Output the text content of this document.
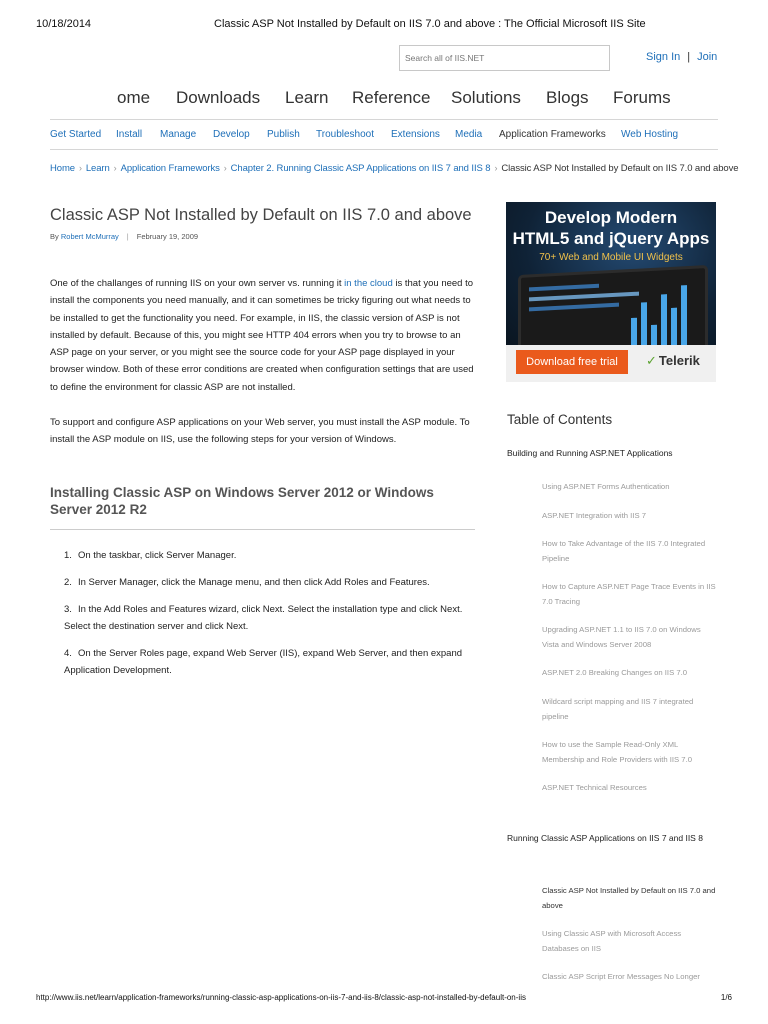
10/18/2014	Classic ASP Not Installed by Default on IIS 7.0 and above : The Official Microsoft IIS Site
Search all of IIS.NET
Sign In | Join
ome Downloads Learn Reference Solutions Blogs Forums
Get Started Install Manage Develop Publish Troubleshoot Extensions Media Application Frameworks Web Hosting
Home › Learn › Application Frameworks › Chapter 2. Running Classic ASP Applications on IIS 7 and IIS 8 › Classic ASP Not Installed by Default on IIS 7.0 and above
Classic ASP Not Installed by Default on IIS 7.0 and above
By Robert McMurray | February 19, 2009

One of the challanges of running IIS on your own server vs. running it in the cloud is that you need to install the components you need manually, and it can sometimes be tricky figuring out what needs to be installed to get the functionality you need. For example, in IIS, the classic version of ASP is not installed by default. Because of this, you might see HTTP 404 errors when you try to browse to an ASP page on your server, or you might see the source code for your ASP page displayed in your browser window. Both of these error conditions are created when configuration settings that are used to define the environment for classic ASP are not installed.

To support and configure ASP applications on your Web server, you must install the ASP module. To install the ASP module on IIS, use the following steps for your version of Windows.

Installing Classic ASP on Windows Server 2012 or Windows Server 2012 R2
1. On the taskbar, click Server Manager.
2. In Server Manager, click the Manage menu, and then click Add Roles and Features.
3. In the Add Roles and Features wizard, click Next. Select the installation type and click Next. Select the destination server and click Next.
4. On the Server Roles page, expand Web Server (IIS), expand Web Server, and then expand Application Development.
Develop Modern
HTML5 and jQuery Apps
70+ Web and Mobile UI Widgets
Download free trial	✓ Telerik
Table of Contents
Building and Running ASP.NET Applications
Using ASP.NET Forms Authentication
ASP.NET Integration with IIS 7
How to Take Advantage of the IIS 7.0 Integrated Pipeline
How to Capture ASP.NET Page Trace Events in IIS 7.0 Tracing
Upgrading ASP.NET 1.1 to IIS 7.0 on Windows Vista and Windows Server 2008
ASP.NET 2.0 Breaking Changes on IIS 7.0
Wildcard script mapping and IIS 7 integrated pipeline
How to use the Sample Read-Only XML Membership and Role Providers with IIS 7.0
ASP.NET Technical Resources
Running Classic ASP Applications on IIS 7 and IIS 8
Classic ASP Not Installed by Default on IIS 7.0 and above
Using Classic ASP with Microsoft Access Databases on IIS
Classic ASP Script Error Messages No Longer
http://www.iis.net/learn/application-frameworks/running-classic-asp-applications-on-iis-7-and-iis-8/classic-asp-not-installed-by-default-on-iis	1/6
